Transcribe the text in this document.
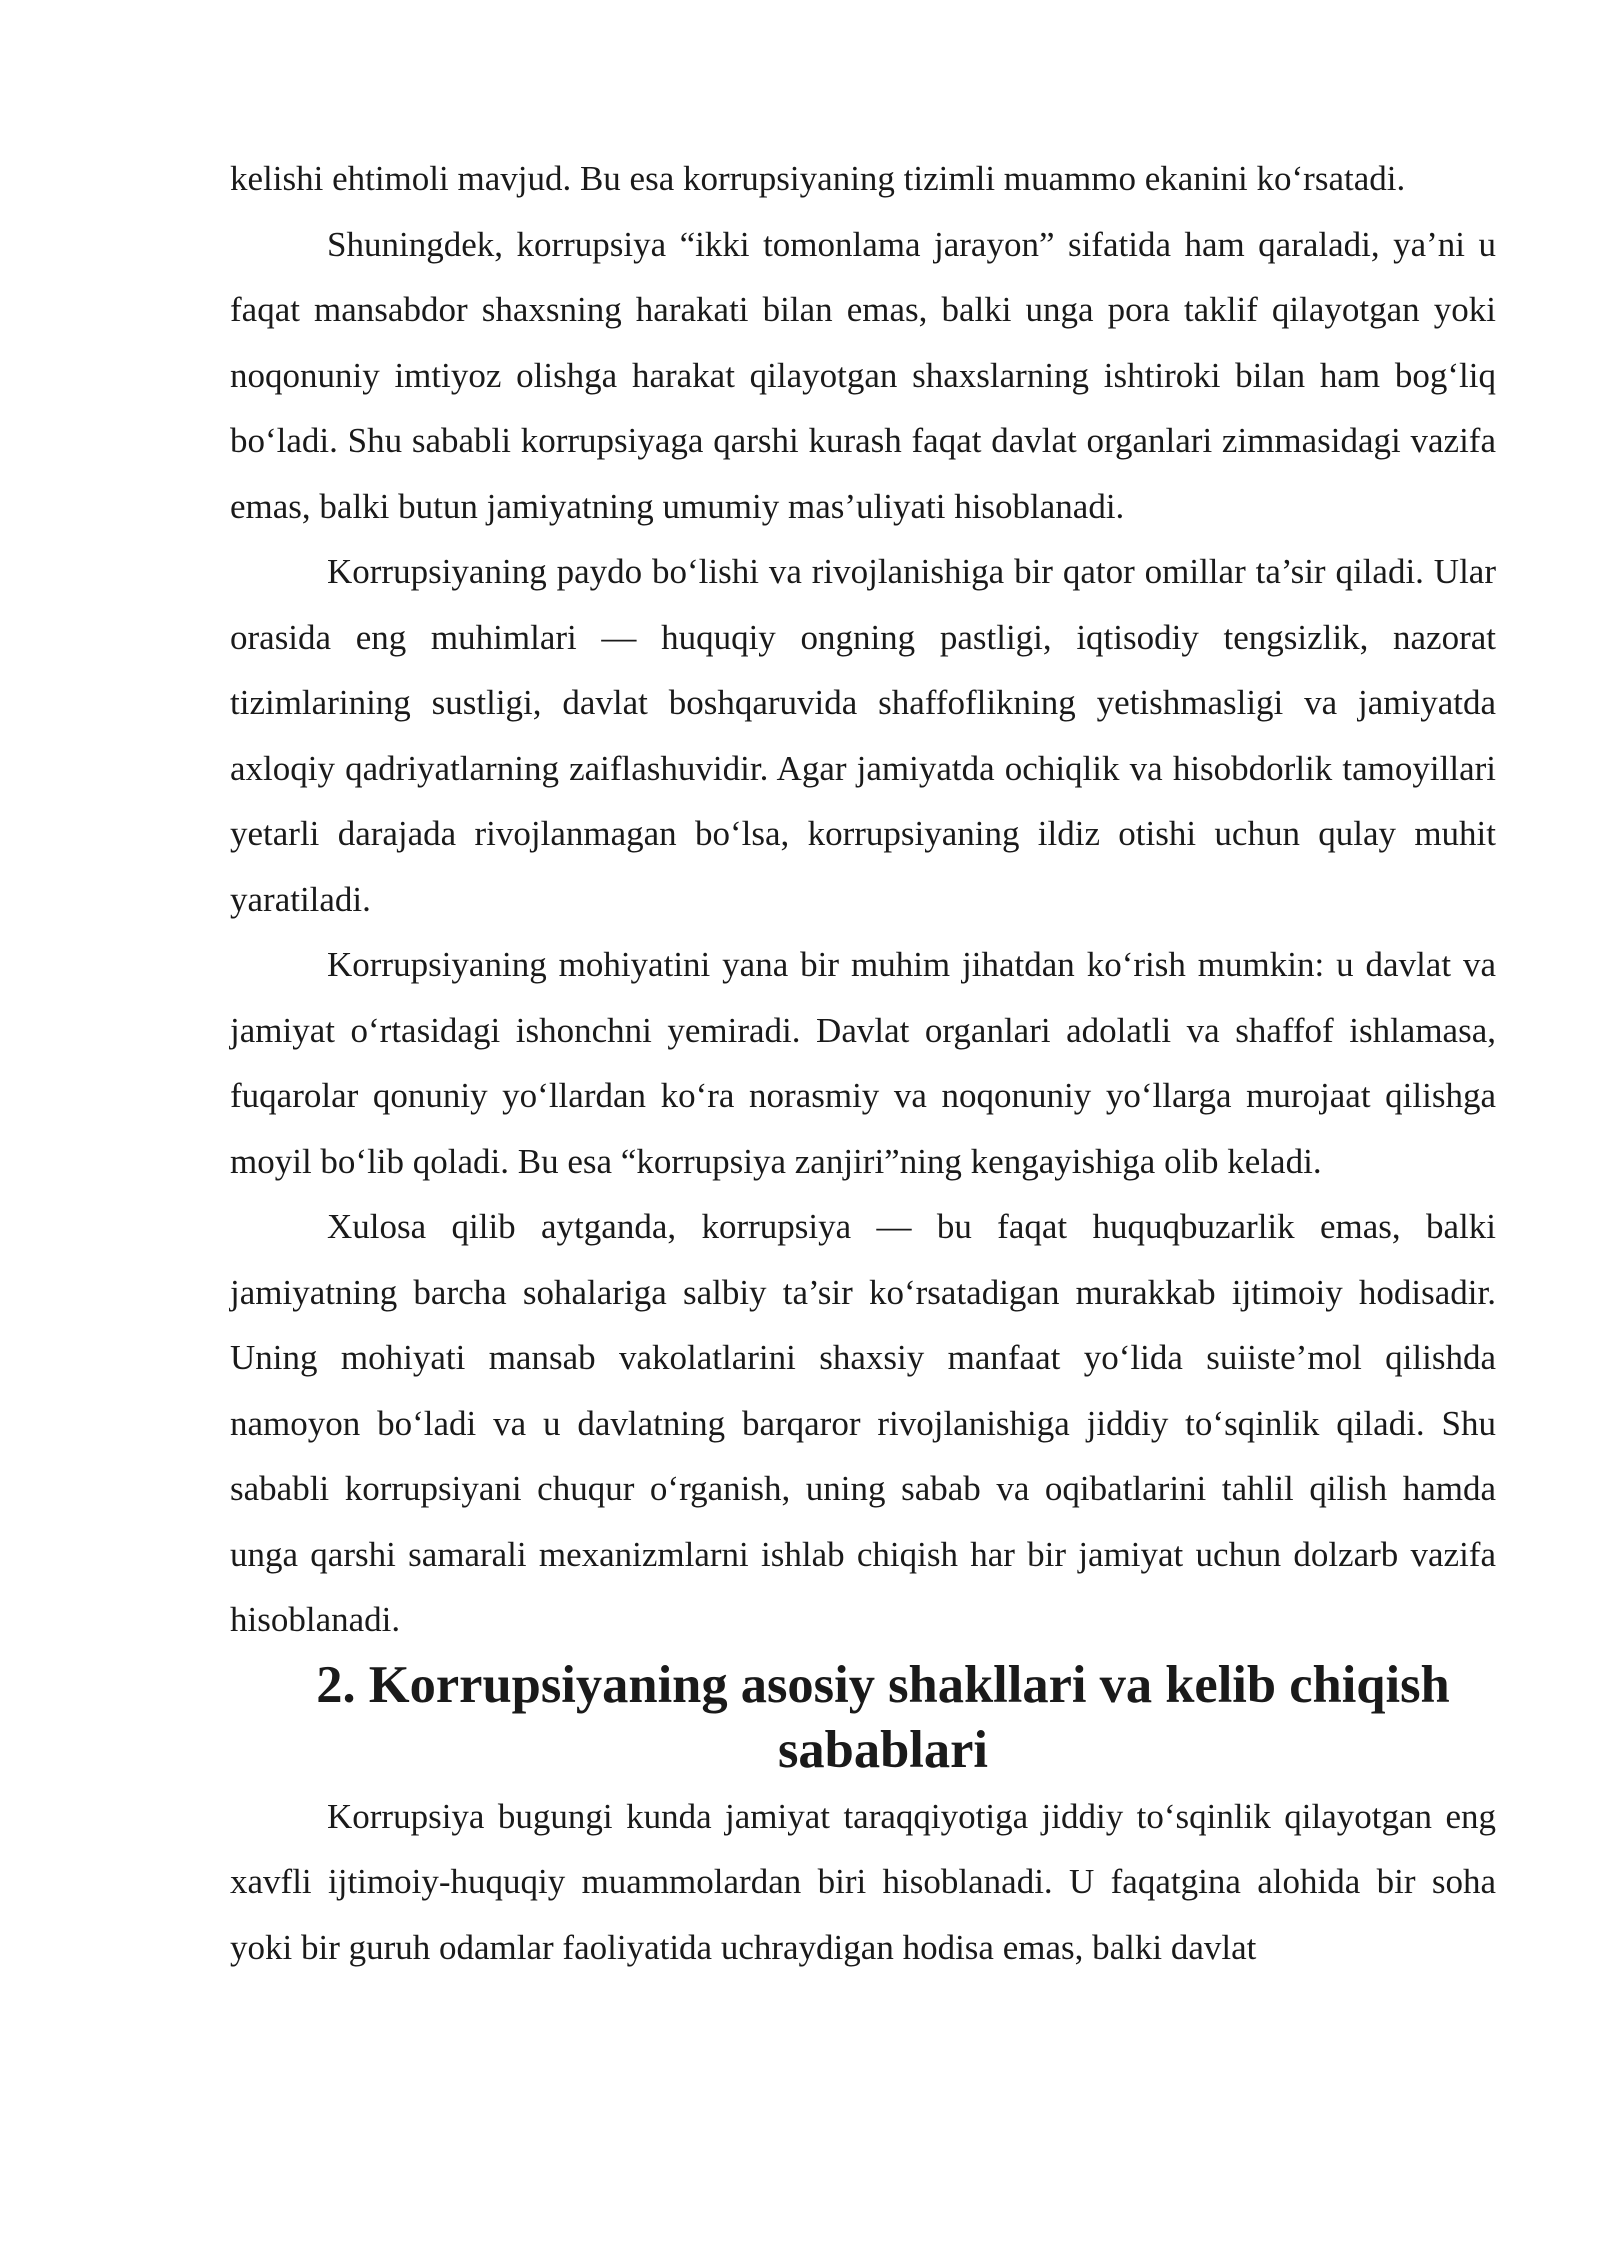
kelishi ehtimoli mavjud. Bu esa korrupsiyaning tizimli muammo ekanini ko‘rsatadi.

Shuningdek, korrupsiya “ikki tomonlama jarayon” sifatida ham qaraladi, ya’ni u faqat mansabdor shaxsning harakati bilan emas, balki unga pora taklif qilayotgan yoki noqonuniy imtiyoz olishga harakat qilayotgan shaxslarning ishtiroki bilan ham bog‘liq bo‘ladi. Shu sababli korrupsiyaga qarshi kurash faqat davlat organlari zimmasidagi vazifa emas, balki butun jamiyatning umumiy mas’uliyati hisoblanadi.

Korrupsiyaning paydo bo‘lishi va rivojlanishiga bir qator omillar ta’sir qiladi. Ular orasida eng muhimlari — huquqiy ongning pastligi, iqtisodiy tengsizlik, nazorat tizimlarining sustligi, davlat boshqaruvida shaffoflikning yetishmasligi va jamiyatda axloqiy qadriyatlarning zaiflashuvidir. Agar jamiyatda ochiqlik va hisobdorlik tamoyillari yetarli darajada rivojlanmagan bo‘lsa, korrupsiyaning ildiz otishi uchun qulay muhit yaratiladi.

Korrupsiyaning mohiyatini yana bir muhim jihatdan ko‘rish mumkin: u davlat va jamiyat o‘rtasidagi ishonchni yemiradi. Davlat organlari adolatli va shaffof ishlamasa, fuqarolar qonuniy yo‘llardan ko‘ra norasmiy va noqonuniy yo‘llarga murojaat qilishga moyil bo‘lib qoladi. Bu esa “korrupsiya zanjiri”ning kengayishiga olib keladi.

Xulosa qilib aytganda, korrupsiya — bu faqat huquqbuzarlik emas, balki jamiyatning barcha sohalariga salbiy ta’sir ko‘rsatadigan murakkab ijtimoiy hodisadir. Uning mohiyati mansab vakolatlarini shaxsiy manfaat yo‘lida suiiste’mol qilishda namoyon bo‘ladi va u davlatning barqaror rivojlanishiga jiddiy to‘sqinlik qiladi. Shu sababli korrupsiyani chuqur o‘rganish, uning sabab va oqibatlarini tahlil qilish hamda unga qarshi samarali mexanizmlarni ishlab chiqish har bir jamiyat uchun dolzarb vazifa hisoblanadi.

2. Korrupsiyaning asosiy shakllari va kelib chiqish sabablari

Korrupsiya bugungi kunda jamiyat taraqqiyotiga jiddiy to‘sqinlik qilayotgan eng xavfli ijtimoiy-huquqiy muammolardan biri hisoblanadi. U faqatgina alohida bir soha yoki bir guruh odamlar faoliyatida uchraydigan hodisa emas, balki davlat
